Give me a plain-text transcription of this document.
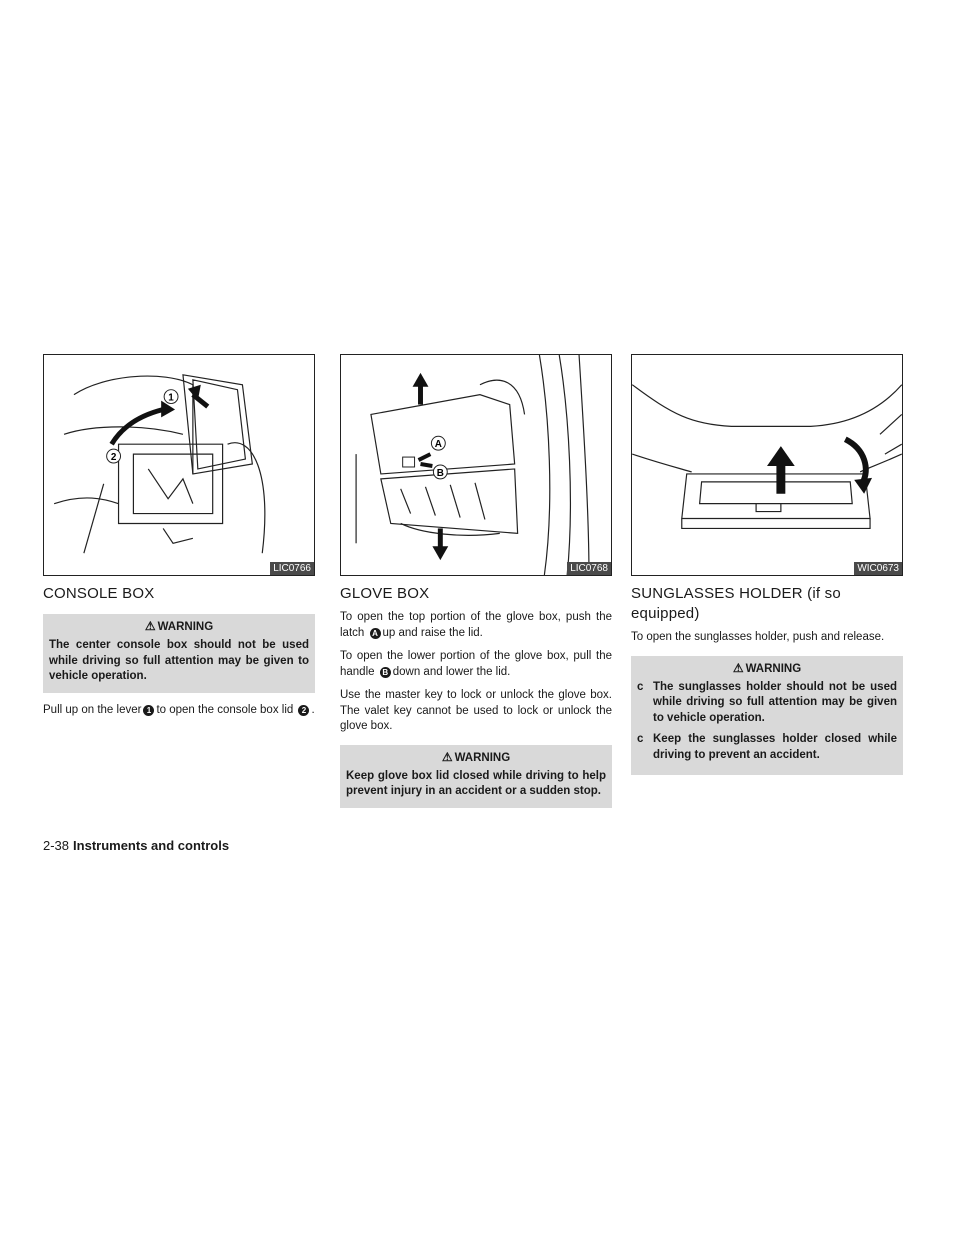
1
2
LIC0766
CONSOLE BOX
⚠ WARNING

The center console box should not be used while driving so full attention may be given to vehicle operation.

Pull up on the lever 1 to open the console box lid 2 .

A
B
LIC0768
GLOVE BOX

To open the top portion of the glove box, push the latch A up and raise the lid.

To open the lower portion of the glove box, pull the handle B down and lower the lid.

Use the master key to lock or unlock the glove box. The valet key cannot be used to lock or unlock the glove box.

⚠ WARNING

Keep glove box lid closed while driving to help prevent injury in an accident or a sudden stop.

WIC0673
SUNGLASSES HOLDER (if so equipped)

To open the sunglasses holder, push and release.

⚠ WARNING
c The sunglasses holder should not be used while driving so full attention may be given to vehicle operation.
c Keep the sunglasses holder closed while driving to prevent an accident.
2-38 Instruments and controls
